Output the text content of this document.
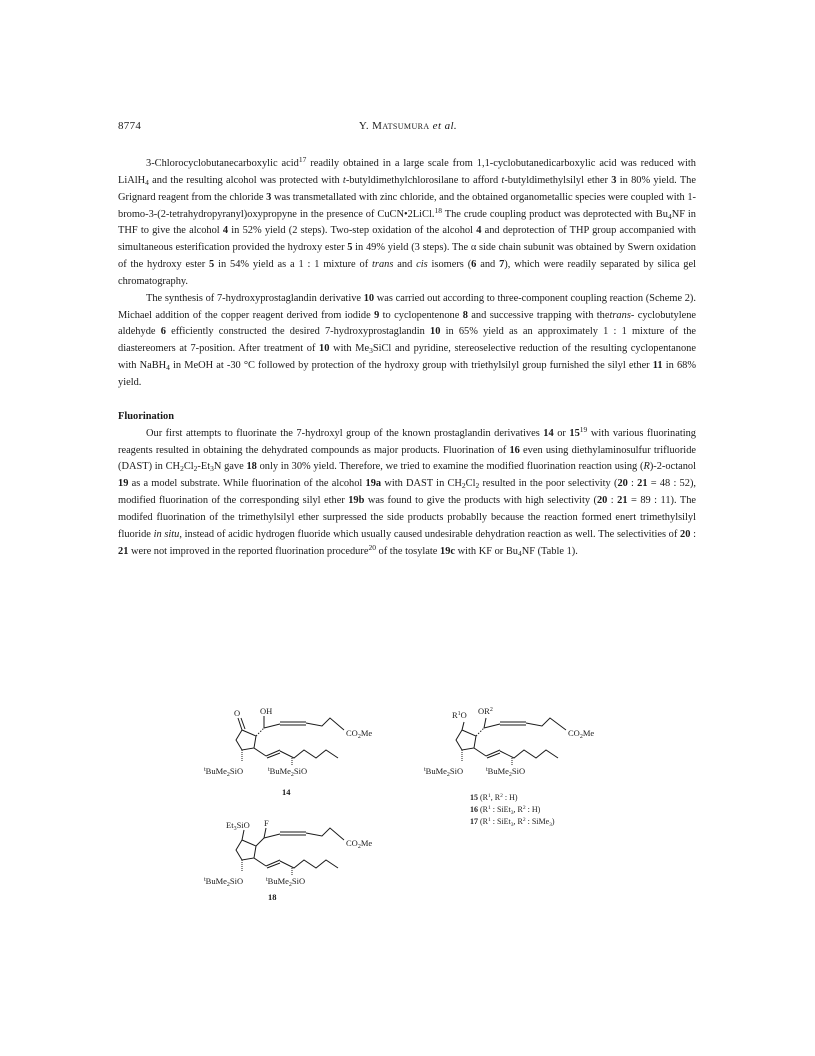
8774	Y. Matsumura et al.

3-Chlorocyclobutanecarboxylic acid$^{17}$ readily obtained in a large scale from 1,1-cyclobutanedicarboxylic acid was reduced with LiAlH$_4$ and the resulting alcohol was protected with t-butyldimethylchlorosilane to afford t-butyldimethylsilyl ether 3 in 80% yield. The Grignard reagent from the chloride 3 was transmetallated with zinc chloride, and the obtained organometallic species were coupled with 1-bromo-3-(2-tetrahydropyranyl)oxypropyne in the presence of CuCN•2LiCl.$^{18}$ The crude coupling product was deprotected with $Bu_4NF$ in THF to give the alcohol 4 in 52% yield (2 steps). Two-step oxidation of the alcohol 4 and deprotection of THP group accompanied with simultaneous esterification provided the hydroxy ester 5 in 49% yield (3 steps). The α side chain subunit was obtained by Swern oxidation of the hydroxy ester 5 in 54% yield as a 1 : 1 mixture of trans and cis isomers (6 and 7), which were readily separated by silica gel chromatography.

The synthesis of 7-hydroxyprostaglandin derivative 10 was carried out according to three-component coupling reaction (Scheme 2). Michael addition of the copper reagent derived from iodide 9 to cyclopentenone 8 and successive trapping with thetrans- cyclobutylene aldehyde 6 efficiently constructed the desired 7-hydroxyprostaglandin 10 in 65% yield as an approximately 1 : 1 mixture of the diastereomers at 7-position. After treatment of 10 with $Me_3SiCl$ and pyridine, stereoselective reduction of the resulting cyclopentanone with NaBH$_4$ in MeOH at -30 °C followed by protection of the hydroxy group with triethylsilyl group furnished the silyl ether 11 in 68% yield.

Fluorination

Our first attempts to fluorinate the 7-hydroxyl group of the known prostaglandin derivatives 14 or $15^{19}$ with various fluorinating reagents resulted in obtaining the dehydrated compounds as major products. Fluorination of 16 even using diethylaminosulfur trifluoride (DAST) in $CH_2Cl_2-Et_3N$ gave 18 only in 30% yield. Therefore, we tried to examine the modified fluorination reaction using (R)-2-octanol 19 as a model substrate. While fluorination of the alcohol 19a with DAST in $CH_2Cl_2$ resulted in the poor selectivity (20 : 21 = 48 : 52), modified fluorination of the corresponding silyl ether 19b was found to give the products with high selectivity (20 : 21 = 89 : 11). The modifed fluorination of the trimethylsilyl ether surpressed the side products probablly because the reaction formed enert trimethylsilyl fluoride in situ, instead of acidic hydrogen fluoride which usually caused undesirable dehydration reaction as well. The selectivities of 20 : 21 were not improved in the reported fluorination procedure$^{20}$ of the tosylate 19c with KF or $Bu_4NF$ (Table 1).

O OH
$CO_2Me$
$^t$BuMe$_2$SiO	$^t$BuMe$_2$SiO
14
$R^1O$ $OR^2$
$CO_2Me$
$^t$BuMe$_2$SiO	$^t$BuMe$_2$SiO
15 ($R^1$, $R^2$ : H)
16 ($R^1$ : SiEt$_3$, $R^2$ : H)
17 ($R^1$ : SiEt$_3$, $R^2$ : SiMe$_3$)
$Et_3SiO$ F
$CO_2Me$
$^t$BuMe$_2$SiO	$^t$BuMe$_2$SiO
18
